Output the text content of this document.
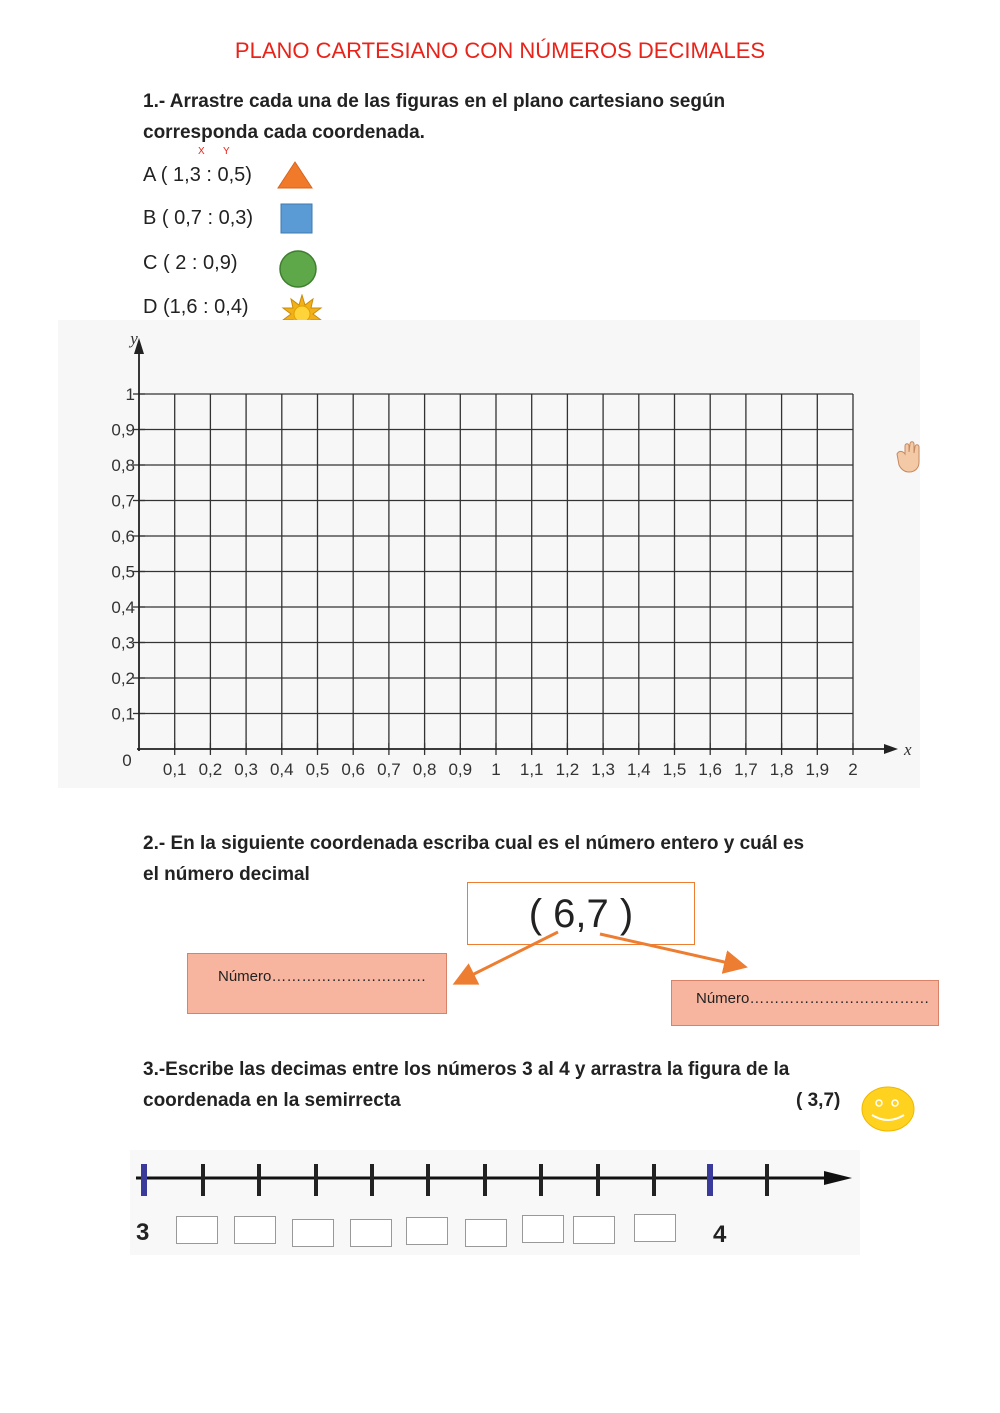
PLANO CARTESIANO CON NÚMEROS DECIMALES
1.- Arrastre cada una de las figuras en el plano cartesiano según
corresponda cada coordenada.
X Y
A ( 1,3 : 0,5)
B ( 0,7 : 0,3)
C ( 2 : 0,9)
D (1,6 : 0,4)
0,1 0,2 0,3 0,4 0,5 0,6 0,7 0,8 0,9 1 1,1 1,2 1,3 1,4 1,5 1,6 1,7 1,8 1,9 2
0,1
0,2
0,3
0,4
0,5
0,6
0,7
0,8
0,9
1
0
x
y
2.- En la siguiente coordenada escriba cual es el número entero y cuál es
el número decimal
( 6,7 )
Número………………………….
Número………………………………
3.-Escribe las decimas entre los números 3 al 4 y arrastra la figura de la
coordenada en la semirrecta	( 3,7)
3	4
